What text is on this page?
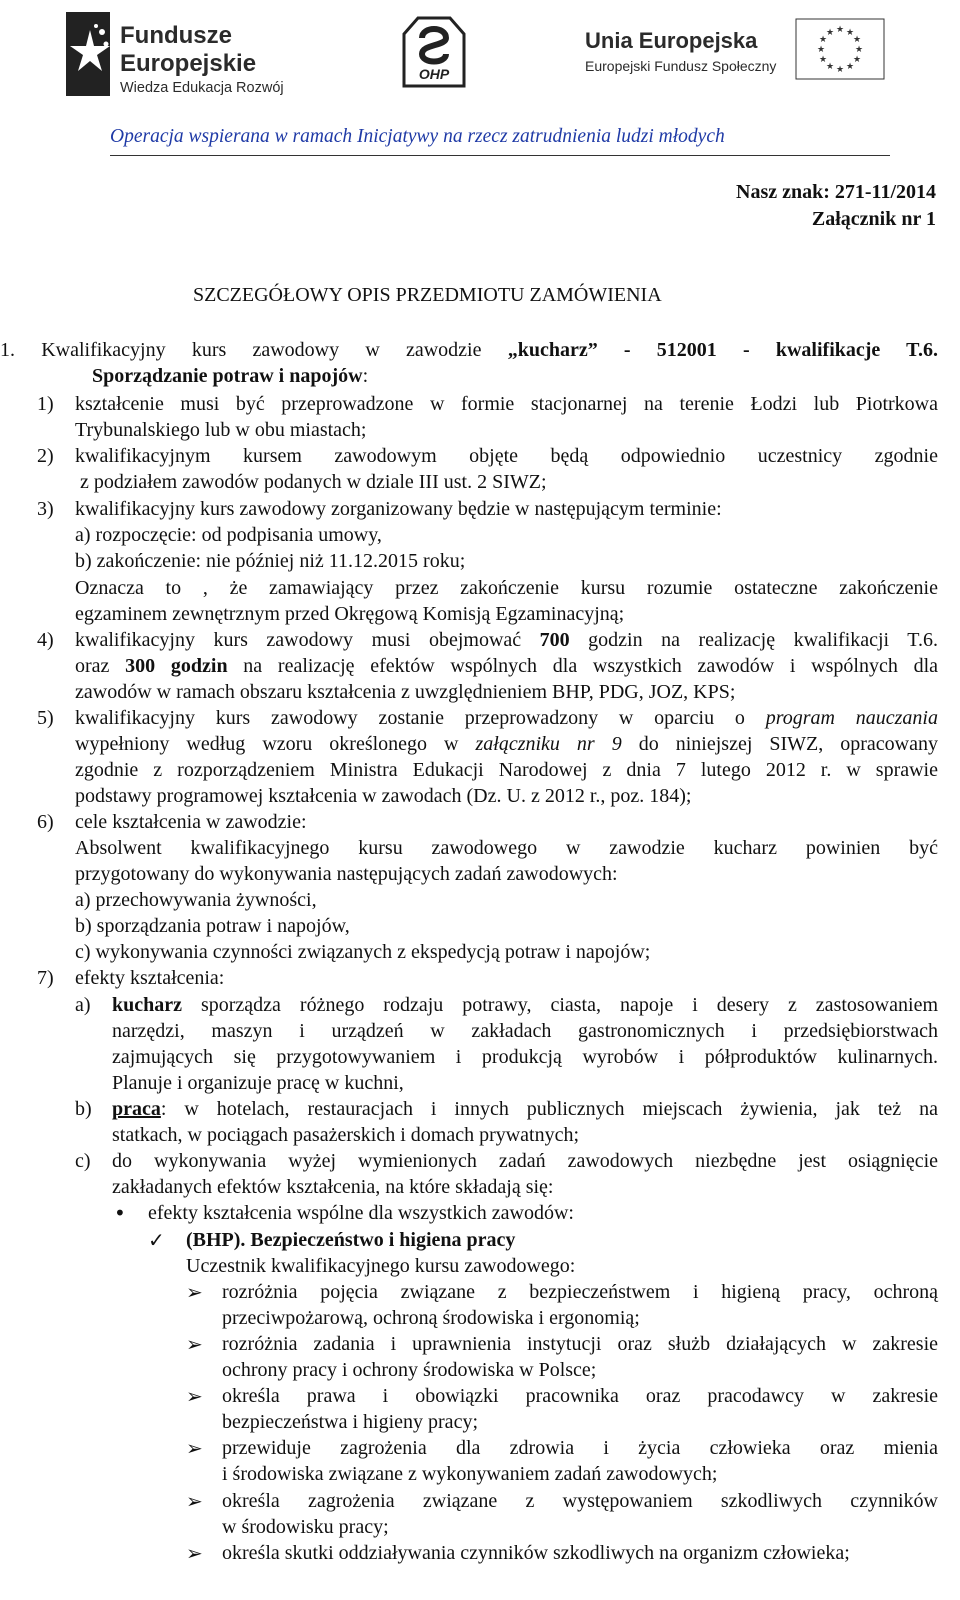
Fundusze
Europejskie
Wiedza Edukacja Rozwój
OHP
Unia Europejska
Europejski Fundusz Społeczny
★ ★
★
★
★
★
★
★
★
★
★
★
Operacja wspierana w ramach Inicjatywy na rzecz zatrudnienia ludzi młodych
Nasz znak: 271-11/2014
Załącznik nr 1
SZCZEGÓŁOWY OPIS PRZEDMIOTU ZAMÓWIENIA
1. Kwalifikacyjny kurs zawodowy w zawodzie „kucharz” - 512001 - kwalifikacje T.6.
Sporządzanie potraw i napojów:
1) kształcenie musi być przeprowadzone w formie stacjonarnej na terenie Łodzi lub Piotrkowa
Trybunalskiego lub w obu miastach;
2) kwalifikacyjnym kursem zawodowym objęte będą odpowiednio uczestnicy zgodnie
z podziałem zawodów podanych w dziale III ust. 2 SIWZ;
3) kwalifikacyjny kurs zawodowy zorganizowany będzie w następującym terminie:
a) rozpoczęcie: od podpisania umowy,
b) zakończenie: nie później niż 11.12.2015 roku;
Oznacza to , że zamawiający przez zakończenie kursu rozumie ostateczne zakończenie
egzaminem zewnętrznym przed Okręgową Komisją Egzaminacyjną;
4) kwalifikacyjny kurs zawodowy musi obejmować 700 godzin na realizację kwalifikacji T.6.
oraz 300 godzin na realizację efektów wspólnych dla wszystkich zawodów i wspólnych dla
zawodów w ramach obszaru kształcenia z uwzględnieniem BHP, PDG, JOZ, KPS;
5) kwalifikacyjny kurs zawodowy zostanie przeprowadzony w oparciu o program nauczania
wypełniony według wzoru określonego w załączniku nr 9 do niniejszej SIWZ, opracowany
zgodnie z rozporządzeniem Ministra Edukacji Narodowej z dnia 7 lutego 2012 r. w sprawie
podstawy programowej kształcenia w zawodach (Dz. U. z 2012 r., poz. 184);
6) cele kształcenia w zawodzie:
Absolwent kwalifikacyjnego kursu zawodowego w zawodzie kucharz powinien być
przygotowany do wykonywania następujących zadań zawodowych:
a) przechowywania żywności,
b) sporządzania potraw i napojów,
c) wykonywania czynności związanych z ekspedycją potraw i napojów;
7) efekty kształcenia:
a) kucharz sporządza różnego rodzaju potrawy, ciasta, napoje i desery z zastosowaniem
narzędzi, maszyn i urządzeń w zakładach gastronomicznych i przedsiębiorstwach
zajmujących się przygotowywaniem i produkcją wyrobów i półproduktów kulinarnych.
Planuje i organizuje pracę w kuchni,
b) praca: w hotelach, restauracjach i innych publicznych miejscach żywienia, jak też na
statkach, w pociągach pasażerskich i domach prywatnych;
c) do wykonywania wyżej wymienionych zadań zawodowych niezbędne jest osiągnięcie
zakładanych efektów kształcenia, na które składają się:
• efekty kształcenia wspólne dla wszystkich zawodów:
✓ (BHP). Bezpieczeństwo i higiena pracy
Uczestnik kwalifikacyjnego kursu zawodowego:
➢ rozróżnia pojęcia związane z bezpieczeństwem i higieną pracy, ochroną
przeciwpożarową, ochroną środowiska i ergonomią;
➢ rozróżnia zadania i uprawnienia instytucji oraz służb działających w zakresie
ochrony pracy i ochrony środowiska w Polsce;
➢ określa prawa i obowiązki pracownika oraz pracodawcy w zakresie
bezpieczeństwa i higieny pracy;
➢ przewiduje zagrożenia dla zdrowia i życia człowieka oraz mienia
i środowiska związane z wykonywaniem zadań zawodowych;
➢ określa zagrożenia związane z występowaniem szkodliwych czynników
w środowisku pracy;
➢ określa skutki oddziaływania czynników szkodliwych na organizm człowieka;
